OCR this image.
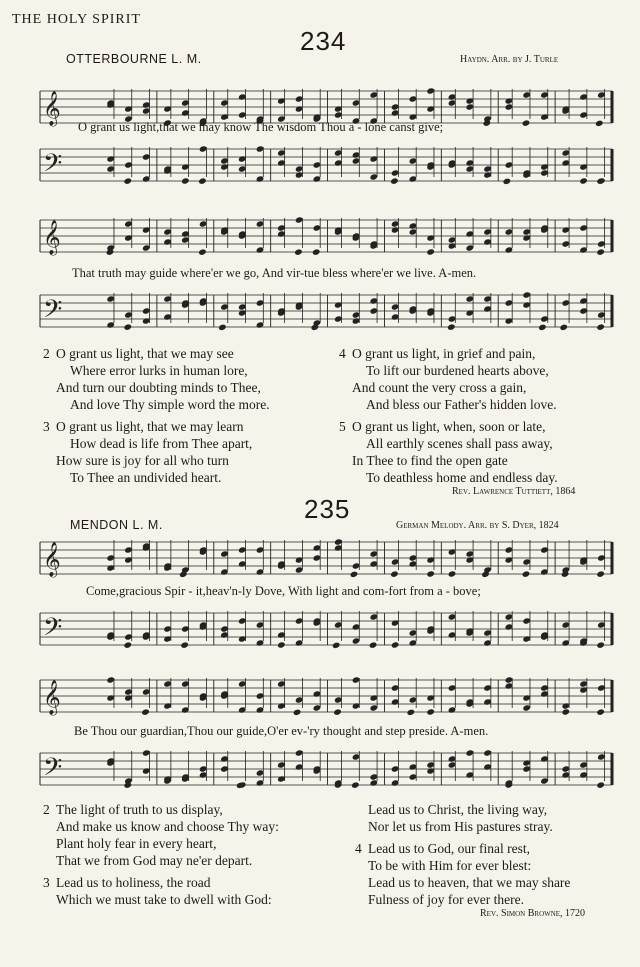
THE HOLY SPIRIT
234
OTTERBOURNE L. M.	Haydn. Arr. by J. Turle
𝄞
O grant us light,that we may know The wisdom Thou a - lone canst give;
𝄢
𝄞
That truth may guide where'er we go, And vir-tue bless where'er we live. A-men.
𝄢
2 O grant us light, that we may see
Where error lurks in human lore,
And turn our doubting minds to Thee,
And love Thy simple word the more.
3 O grant us light, that we may learn
How dead is life from Thee apart,
How sure is joy for all who turn
To Thee an undivided heart.
4 O grant us light, in grief and pain,
To lift our burdened hearts above,
And count the very cross a gain,
And bless our Father's hidden love.
5 O grant us light, when, soon or late,
All earthly scenes shall pass away,
In Thee to find the open gate
To deathless home and endless day.
Rev. Lawrence Tuttiett, 1864
235
MENDON L. M.	German Melody. Arr. by S. Dyer, 1824
𝄞
Come,gracious Spir - it,heav'n-ly Dove, With light and com-fort from a - bove;
𝄢
𝄞
Be Thou our guardian,Thou our guide,O'er ev-'ry thought and step preside. A-men.
𝄢
2 The light of truth to us display,
And make us know and choose Thy way:
Plant holy fear in every heart,
That we from God may ne'er depart.
3 Lead us to holiness, the road
Which we must take to dwell with God:
Lead us to Christ, the living way,
Nor let us from His pastures stray.
4 Lead us to God, our final rest,
To be with Him for ever blest:
Lead us to heaven, that we may share
Fulness of joy for ever there.
Rev. Simon Browne, 1720
